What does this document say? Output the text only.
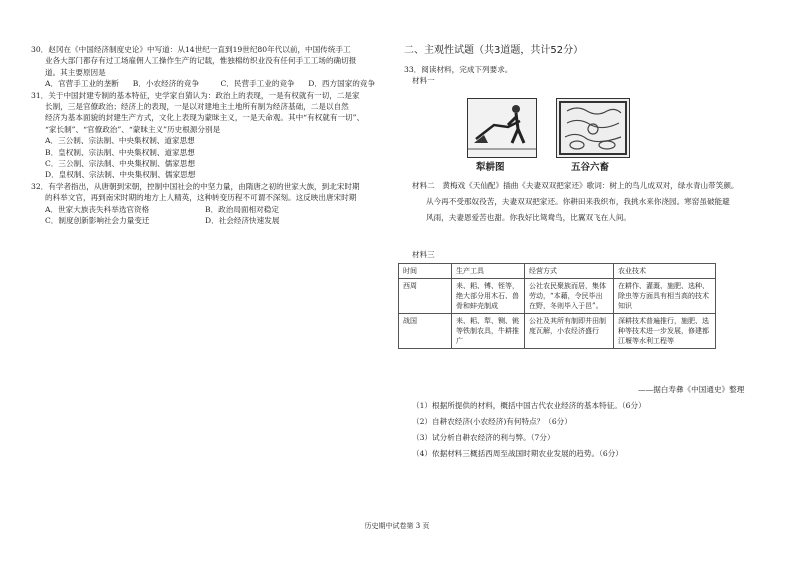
30．赵冈在《中国经济制度史论》中写道：从14世纪一直到19世纪80年代以前，中国传统手工
业各大部门都存有过工场雇佣人工操作生产的记载，惟独棉纺织业没有任何手工工场的确切报
道。其主要原因是
A．官营手工业的垄断	B．小农经济的竞争	C．民营手工业的竞争	D．西方国家的竞争
31．关于中国封建专制的基本特征，史学家自猜认为：政治上的表现，一是有权就有一切，二是家
长制，三是官僚政治；经济上的表现，一是以对建地主土地所有制为经济基础，二是以自然
经济为基本面貌的封建生产方式，文化上表现为蒙昧主义，一是天命观。其中“有权就有一切”、
“家长制”、“官僚政治”、“蒙昧主义”历史根源分别是
A．三公制、宗法制、中央集权制、道家思想
B．皇权制、宗法制、中央集权制、道家思想
C．三公制、宗法制、中央集权制、儒家思想
D．皇权制、宗法制、中央集权制、儒家思想
32．有学者指出，从唐朝到宋朝，控制中国社会的中坚力量，由隋唐之初的世家大族，到北宋时期
的科举文官，再到南宋时期的地方上人精英，这种转变历程不可谓不深刻。这反映出唐宋时期
A．世家大族丧失科举选官资格	B．政治局面相对稳定
C．制度创新影响社会力量变迁	D．社会经济快速发展
二、主观性试题（共3道题，共计52分）
33．阅读材料，完成下列要求。
材料一
犁耕图	五谷六畜
材料二　黄梅戏《天仙配》插曲《夫妻双双把家还》歌词：树上的鸟儿成双对，绿水青山带笑颜。
从今再不受那奴役苦，夫妻双双把家还。你耕田来我织布，我挑水来你浇园。寒窑虽破能避
风雨，夫妻恩爱苦也甜。你我好比鸳鸯鸟，比翼双飞在人间。
材料三
时间	生产工具	经营方式	农业技术
西周	耒、耜、镈、铚等，绝大部分用木石、兽骨和蚌壳制成	公社农民聚族而居，集体劳动，“本藉，令民毕出在野，冬则毕入于邑”。	在耕作、灌溉、施肥、选种、除虫等方面具有相当高的技术知识
战国	耒、耜、犁、铡、铫等铁制农具，牛耕推广	公社及其所有制即井田制度瓦解，小农经济盛行	深耕技术普遍推行，施肥、选种等技术进一步发展，修建都江堰等水利工程等
——据白寿彝《中国通史》整理
（1）根据所提供的材料，概括中国古代农业经济的基本特征。（6分）
（2）自耕农经济(小农经济)有何特点？（6分）
（3）试分析自耕农经济的利与弊。（7分）
（4）依据材料三概括西周至战国时期农业发展的趋势。（6分）
历史期中试卷第 3 页
